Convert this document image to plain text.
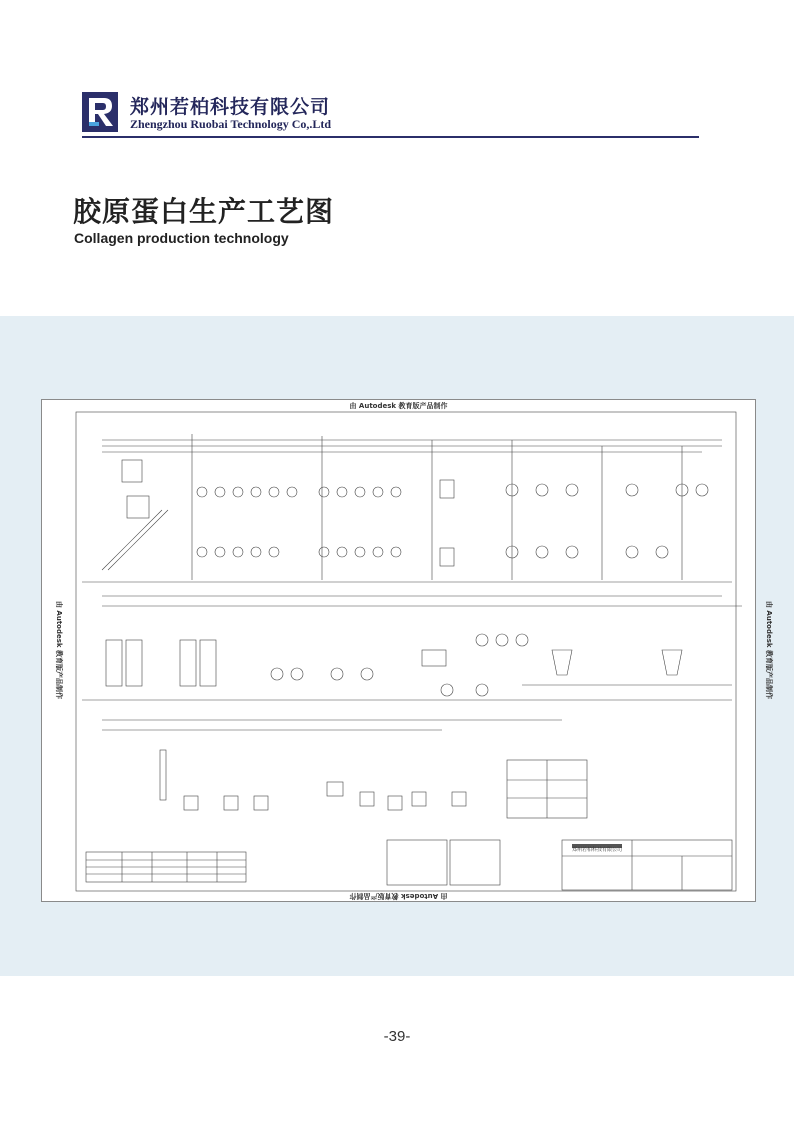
郑州若柏科技有限公司
Zhengzhou Ruobai Technology Co,.Ltd
胶原蛋白生产工艺图
Collagen production technology
由 Autodesk 教育版产品制作
由 Autodesk 教育版产品制作
由 Autodesk 教育版产品制作	由 Autodesk 教育版产品制作
郑州若柏科技有限公司
-39-
